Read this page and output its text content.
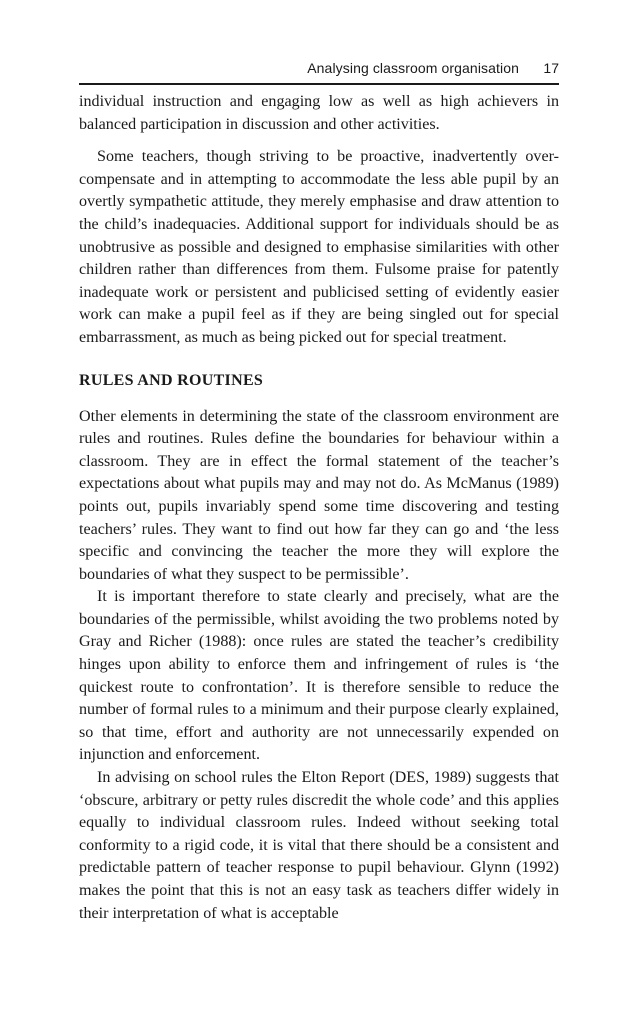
Analysing classroom organisation 17

individual instruction and engaging low as well as high achievers in balanced participation in discussion and other activities.

Some teachers, though striving to be proactive, inadvertently over-compensate and in attempting to accommodate the less able pupil by an overtly sympathetic attitude, they merely emphasise and draw attention to the child’s inadequacies. Additional support for individuals should be as unobtrusive as possible and designed to emphasise similarities with other children rather than differences from them. Fulsome praise for patently inadequate work or persistent and publicised setting of evidently easier work can make a pupil feel as if they are being singled out for special embarrassment, as much as being picked out for special treatment.

RULES AND ROUTINES

Other elements in determining the state of the classroom environment are rules and routines. Rules define the boundaries for behaviour within a classroom. They are in effect the formal statement of the teacher’s expectations about what pupils may and may not do. As McManus (1989) points out, pupils invariably spend some time discovering and testing teachers’ rules. They want to find out how far they can go and ‘the less specific and convincing the teacher the more they will explore the boundaries of what they suspect to be permissible’.

It is important therefore to state clearly and precisely, what are the boundaries of the permissible, whilst avoiding the two problems noted by Gray and Richer (1988): once rules are stated the teacher’s credibility hinges upon ability to enforce them and infringement of rules is ‘the quickest route to confrontation’. It is therefore sensible to reduce the number of formal rules to a minimum and their purpose clearly explained, so that time, effort and authority are not unnecessarily expended on injunction and enforcement.

In advising on school rules the Elton Report (DES, 1989) suggests that ‘obscure, arbitrary or petty rules discredit the whole code’ and this applies equally to individual classroom rules. Indeed without seeking total conformity to a rigid code, it is vital that there should be a consistent and predictable pattern of teacher response to pupil behaviour. Glynn (1992) makes the point that this is not an easy task as teachers differ widely in their interpretation of what is acceptable
